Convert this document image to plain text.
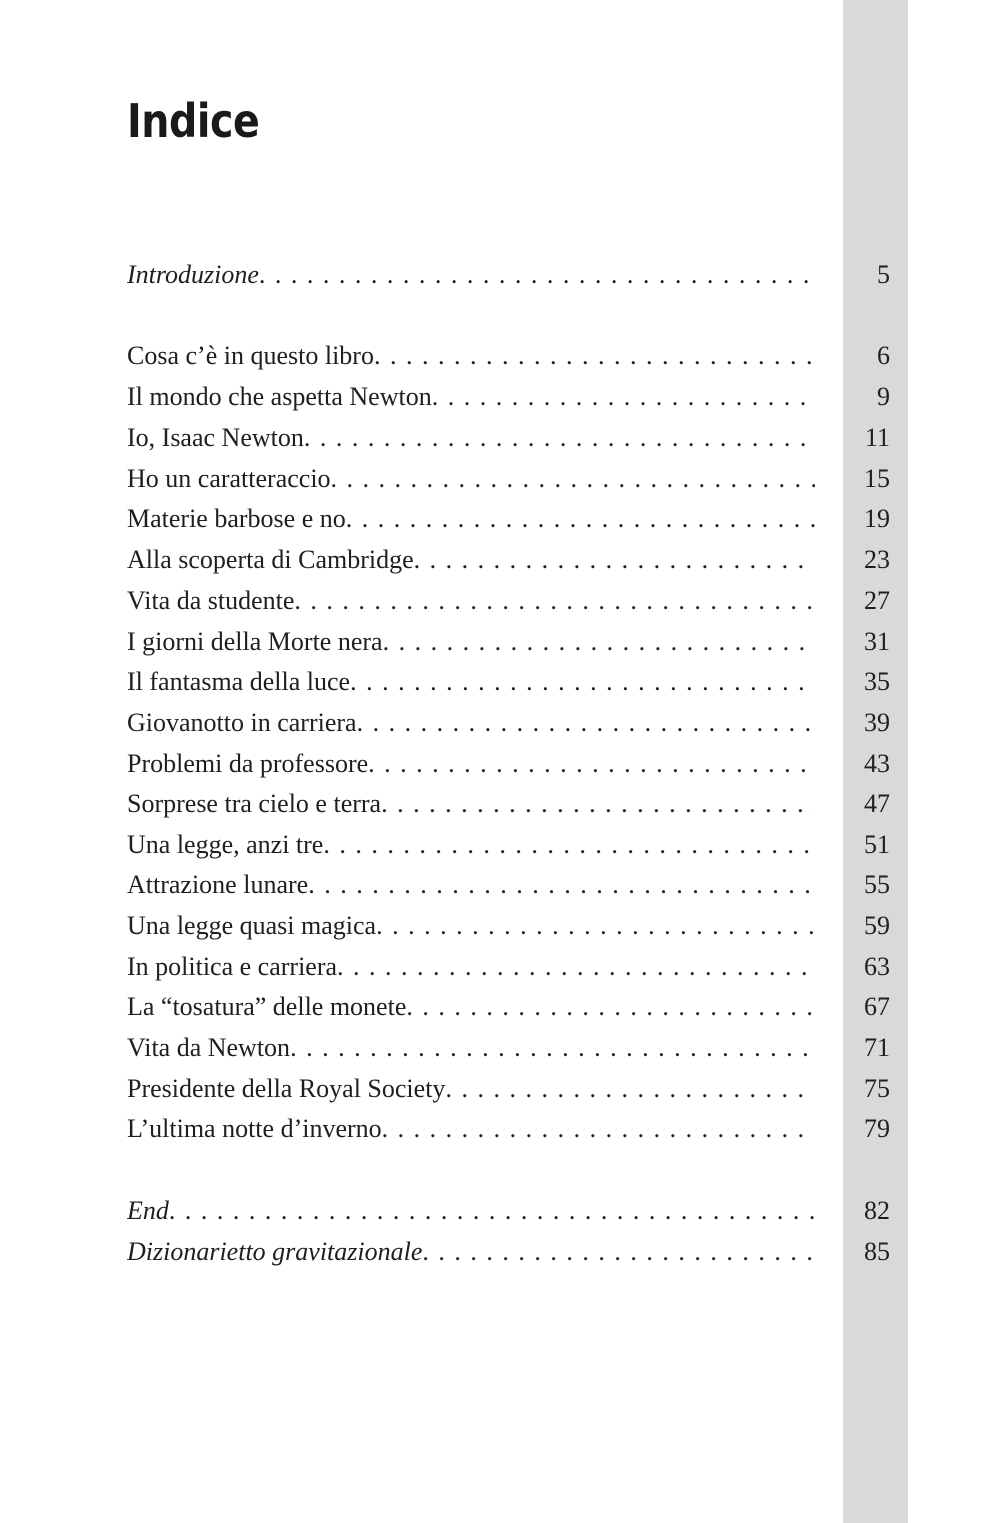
Indice
Introduzione . . .	5
Cosa c’è in questo libro . . .	6
Il mondo che aspetta Newton . . .	9
Io, Isaac Newton . . .	11
Ho un caratteraccio . . .	15
Materie barbose e no . . .	19
Alla scoperta di Cambridge . . .	23
Vita da studente . . .	27
I giorni della Morte nera . . .	31
Il fantasma della luce . . .	35
Giovanotto in carriera . . .	39
Problemi da professore . . .	43
Sorprese tra cielo e terra . . .	47
Una legge, anzi tre . . .	51
Attrazione lunare . . .	55
Una legge quasi magica . . .	59
In politica e carriera . . .	63
La “tosatura” delle monete . . .	67
Vita da Newton . . .	71
Presidente della Royal Society . . .	75
L’ultima notte d’inverno . . .	79
End . . .	82
Dizionarietto gravitazionale . . .	85
